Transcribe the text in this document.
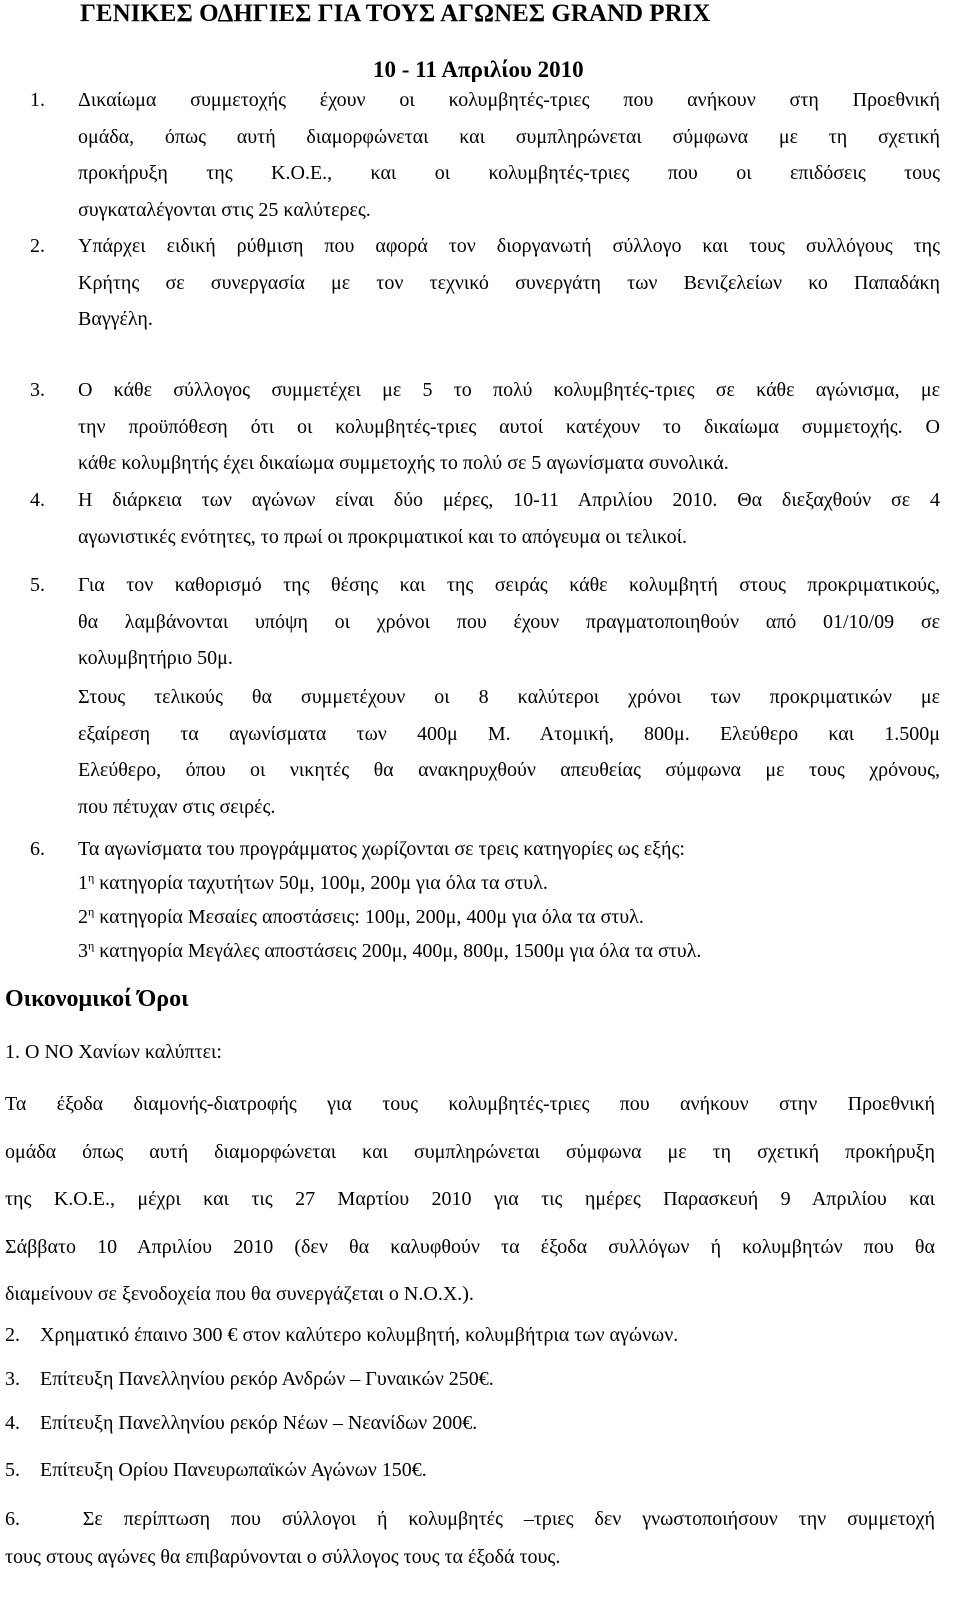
ΓΕΝΙΚΕΣ ΟΔΗΓΙΕΣ ΓΙΑ ΤΟΥΣ ΑΓΩΝΕΣ GRAND PRIX
10 - 11 Απριλίου 2010
1. Δικαίωμα συμμετοχής έχουν οι κολυμβητές-τριες που ανήκουν στη Προεθνική
ομάδα, όπως αυτή διαμορφώνεται και συμπληρώνεται σύμφωνα με τη σχετική
προκήρυξη της Κ.Ο.Ε., και οι κολυμβητές-τριες που οι επιδόσεις τους
συγκαταλέγονται στις 25 καλύτερες.
2. Υπάρχει ειδική ρύθμιση που αφορά τον διοργανωτή σύλλογο και τους συλλόγους της
Κρήτης σε συνεργασία με τον τεχνικό συνεργάτη των Βενιζελείων κο Παπαδάκη
Βαγγέλη.
3. Ο κάθε σύλλογος συμμετέχει με 5 το πολύ κολυμβητές-τριες σε κάθε αγώνισμα, με
την προϋπόθεση ότι οι κολυμβητές-τριες αυτοί κατέχουν το δικαίωμα συμμετοχής. Ο
κάθε κολυμβητής έχει δικαίωμα συμμετοχής το πολύ σε 5 αγωνίσματα συνολικά.
4. Η διάρκεια των αγώνων είναι δύο μέρες, 10-11 Απριλίου 2010. Θα διεξαχθούν σε 4
αγωνιστικές ενότητες, το πρωί οι προκριματικοί και το απόγευμα οι τελικοί.
5. Για τον καθορισμό της θέσης και της σειράς κάθε κολυμβητή στους προκριματικούς,
θα λαμβάνονται υπόψη οι χρόνοι που έχουν πραγματοποιηθούν από 01/10/09 σε
κολυμβητήριο 50μ.
Στους τελικούς θα συμμετέχουν οι 8 καλύτεροι χρόνοι των προκριματικών με
εξαίρεση τα αγωνίσματα των 400μ Μ. Ατομική, 800μ. Ελεύθερο και 1.500μ
Ελεύθερο, όπου οι νικητές θα ανακηρυχθούν απευθείας σύμφωνα με τους χρόνους,
που πέτυχαν στις σειρές.
6. Τα αγωνίσματα του προγράμματος χωρίζονται σε τρεις κατηγορίες ως εξής:
$1^\eta$ κατηγορία ταχυτήτων 50μ, 100μ, 200μ για όλα τα στυλ.
$2^\eta$ κατηγορία Μεσαίες αποστάσεις: 100μ, 200μ, 400μ για όλα τα στυλ.
$3^\eta$ κατηγορία Μεγάλες αποστάσεις 200μ, 400μ, 800μ, 1500μ για όλα τα στυλ.
Οικονομικοί Όροι
1. Ο ΝΟ Χανίων καλύπτει:
Τα έξοδα διαμονής-διατροφής για τους κολυμβητές-τριες που ανήκουν στην Προεθνική
ομάδα όπως αυτή διαμορφώνεται και συμπληρώνεται σύμφωνα με τη σχετική προκήρυξη
της Κ.Ο.Ε., μέχρι και τις 27 Μαρτίου 2010 για τις ημέρες Παρασκευή 9 Απριλίου και
Σάββατο 10 Απριλίου 2010 (δεν θα καλυφθούν τα έξοδα συλλόγων ή κολυμβητών που θα
διαμείνουν σε ξενοδοχεία που θα συνεργάζεται ο Ν.Ο.Χ.).
2. Χρηματικό έπαινο 300 € στον καλύτερο κολυμβητή, κολυμβήτρια των αγώνων.
3. Επίτευξη Πανελληνίου ρεκόρ Ανδρών – Γυναικών 250€.
4. Επίτευξη Πανελληνίου ρεκόρ Νέων – Νεανίδων 200€.
5. Επίτευξη Ορίου Πανευρωπαϊκών Αγώνων 150€.
6.	Σε περίπτωση που σύλλογοι ή κολυμβητές –τριες δεν γνωστοποιήσουν την συμμετοχή
τους στους αγώνες θα επιβαρύνονται ο σύλλογος τους τα έξοδά τους.
